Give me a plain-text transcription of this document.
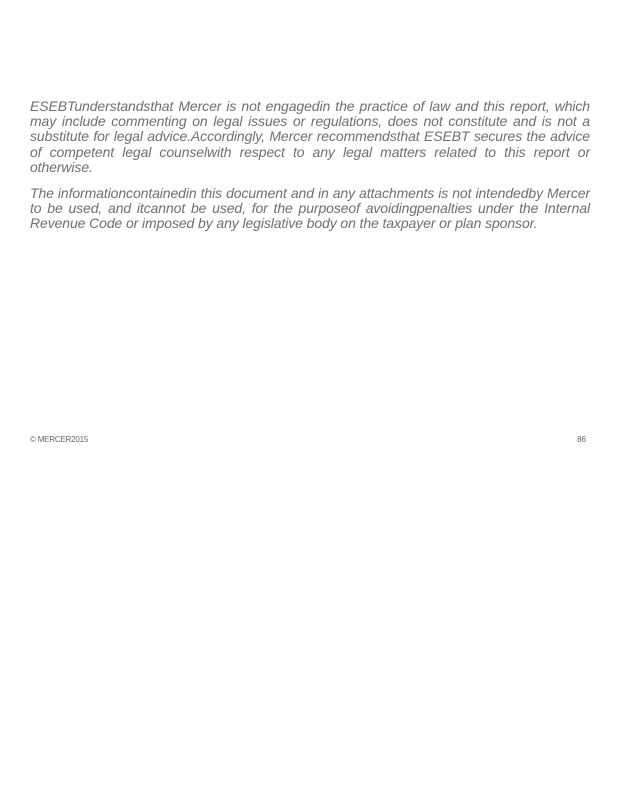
ESEBTunderstandsthat Mercer is not engagedin the practice of law and this report, which may include commenting on legal issues or regulations, does not constitute and is not a substitute for legal advice.Accordingly, Mercer recommendsthat ESEBT secures the advice of competent legal counselwith respect to any legal matters related to this report or otherwise.

The informationcontainedin this document and in any attachments is not intendedby Mercer to be used, and itcannot be used, for the purposeof avoidingpenalties under the Internal Revenue Code or imposed by any legislative body on the taxpayer or plan sponsor.

© MERCER2015	86
